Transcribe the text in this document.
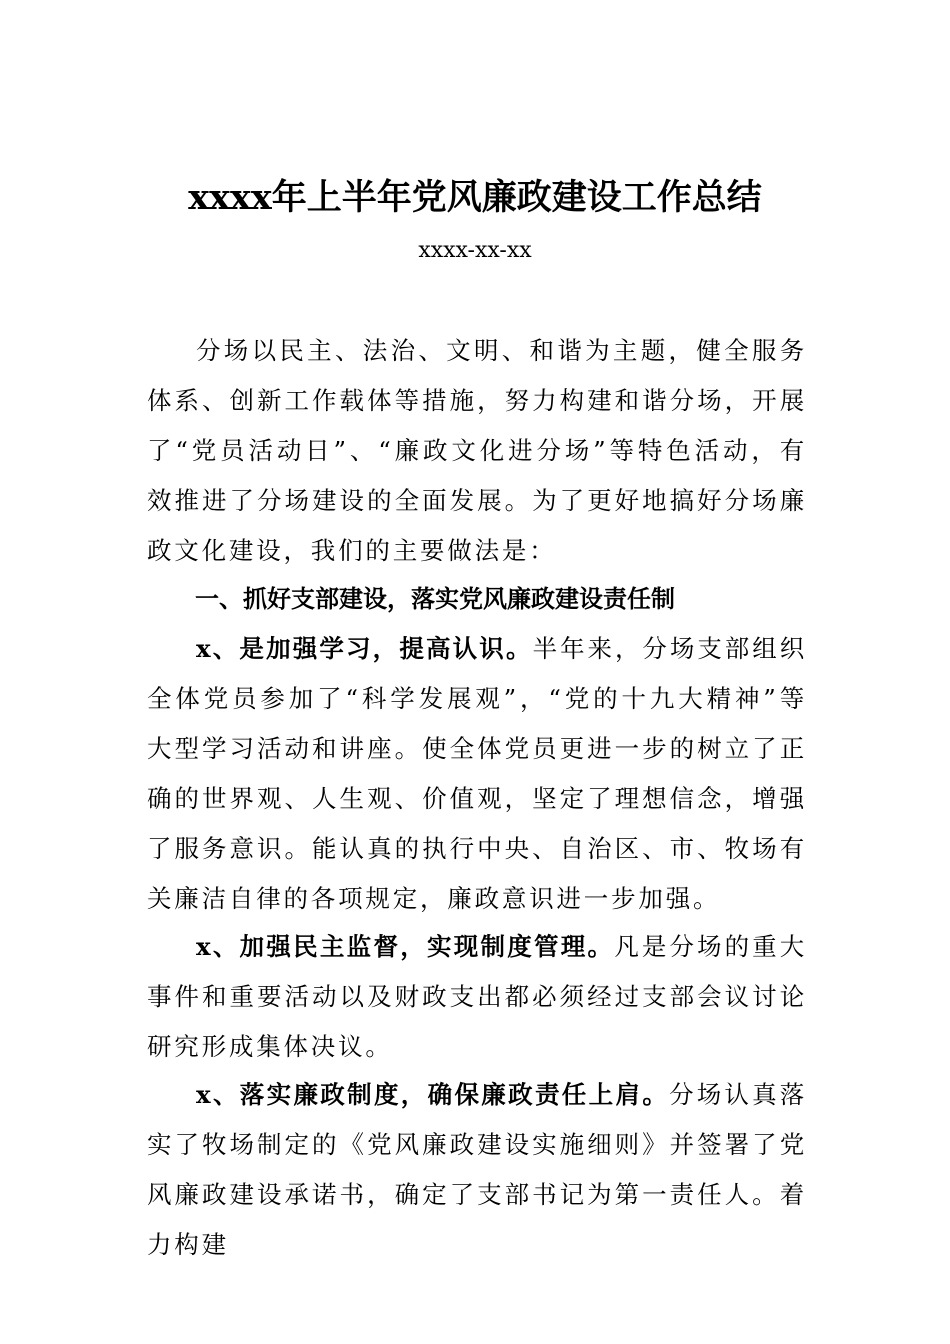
xxxx年上半年党风廉政建设工作总结
xxxx-xx-xx

分场以民主、法治、文明、和谐为主题，健全服务体系、创新工作载体等措施，努力构建和谐分场，开展了“党员活动日”、“廉政文化进分场”等特色活动，有效推进了分场建设的全面发展。为了更好地搞好分场廉政文化建设，我们的主要做法是：

一、抓好支部建设，落实党风廉政建设责任制

x、是加强学习，提高认识。半年来，分场支部组织全体党员参加了“科学发展观”，“党的十九大精神”等大型学习活动和讲座。使全体党员更进一步的树立了正确的世界观、人生观、价值观，坚定了理想信念，增强了服务意识。能认真的执行中央、自治区、市、牧场有关廉洁自律的各项规定，廉政意识进一步加强。

x、加强民主监督，实现制度管理。凡是分场的重大事件和重要活动以及财政支出都必须经过支部会议讨论研究形成集体决议。

x、落实廉政制度，确保廉政责任上肩。分场认真落实了牧场制定的《党风廉政建设实施细则》并签署了党风廉政建设承诺书，确定了支部书记为第一责任人。着力构建
